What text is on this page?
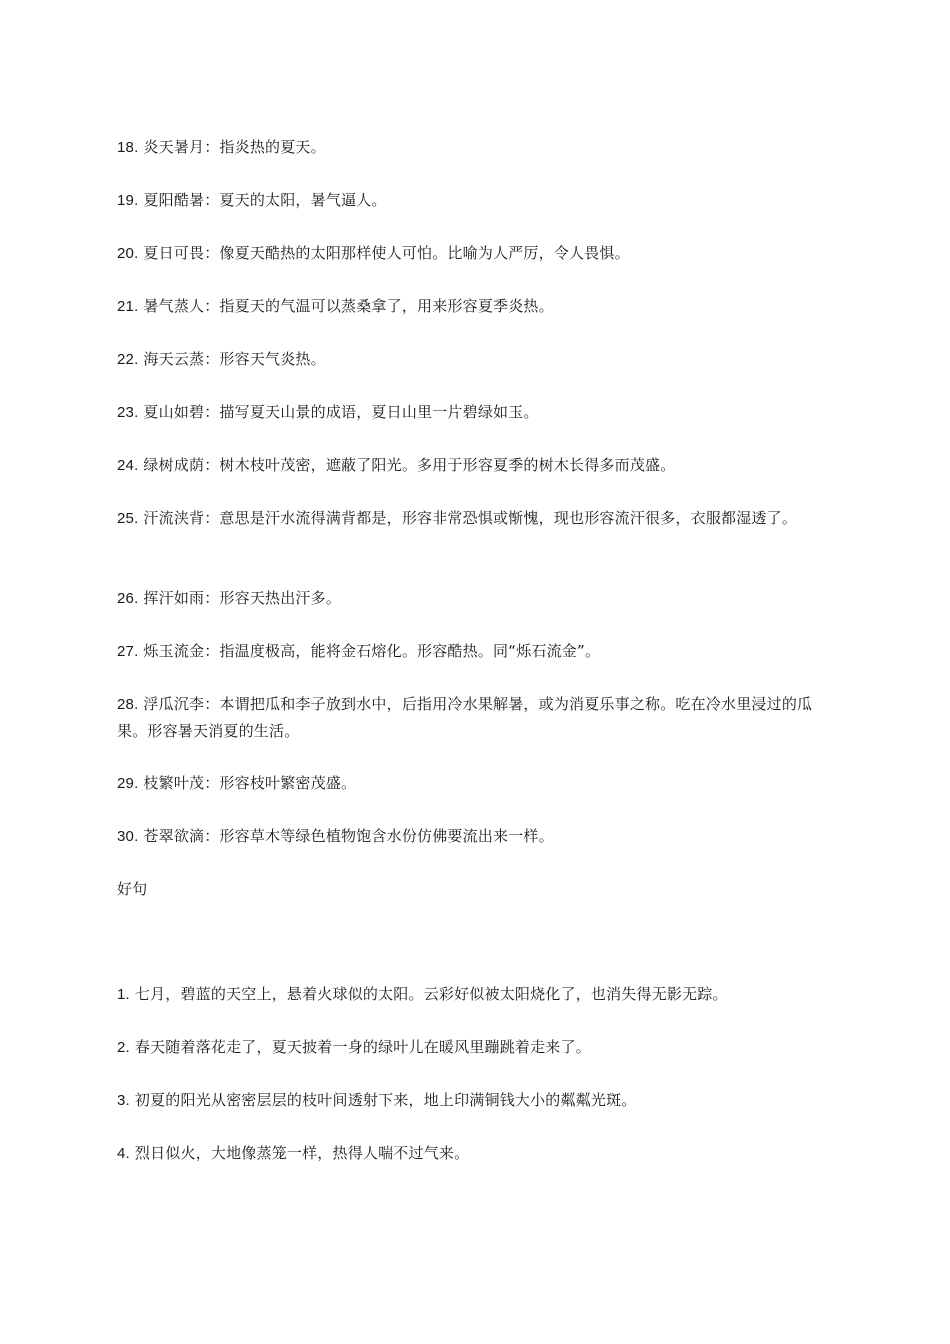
18. 炎天暑月：指炎热的夏天。

19. 夏阳酷暑：夏天的太阳，暑气逼人。

20. 夏日可畏：像夏天酷热的太阳那样使人可怕。比喻为人严厉，令人畏惧。

21. 暑气蒸人：指夏天的气温可以蒸桑拿了，用来形容夏季炎热。

22. 海天云蒸：形容天气炎热。

23. 夏山如碧：描写夏天山景的成语，夏日山里一片碧绿如玉。

24. 绿树成荫：树木枝叶茂密，遮蔽了阳光。多用于形容夏季的树木长得多而茂盛。

25. 汗流浃背：意思是汗水流得满背都是，形容非常恐惧或惭愧，现也形容流汗很多，衣服都湿透了。

26. 挥汗如雨：形容天热出汗多。

27. 烁玉流金：指温度极高，能将金石熔化。形容酷热。同“烁石流金”。

28. 浮瓜沉李：本谓把瓜和李子放到水中，后指用冷水果解暑，或为消夏乐事之称。吃在冷水里浸过的瓜果。形容暑天消夏的生活。

29. 枝繁叶茂：形容枝叶繁密茂盛。

30. 苍翠欲滴：形容草木等绿色植物饱含水份仿佛要流出来一样。

好句

1. 七月，碧蓝的天空上，悬着火球似的太阳。云彩好似被太阳烧化了，也消失得无影无踪。

2. 春天随着落花走了，夏天披着一身的绿叶儿在暖风里蹦跳着走来了。

3. 初夏的阳光从密密层层的枝叶间透射下来，地上印满铜钱大小的粼粼光斑。

4. 烈日似火，大地像蒸笼一样，热得人喘不过气来。
